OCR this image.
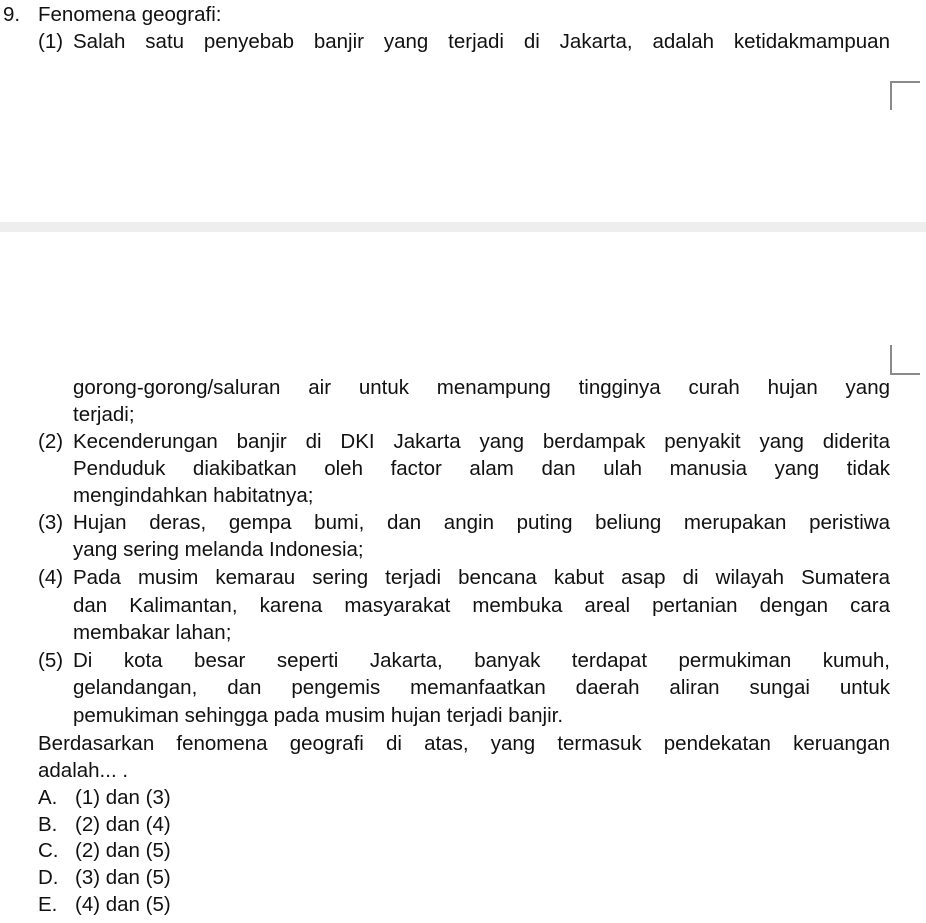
9. Fenomena geografi:
(1) Salah satu penyebab banjir yang terjadi di Jakarta, adalah ketidakmampuan
gorong-gorong/saluran air untuk menampung tingginya curah hujan yang
terjadi;
(2) Kecenderungan banjir di DKI Jakarta yang berdampak penyakit yang diderita
Penduduk diakibatkan oleh factor alam dan ulah manusia yang tidak
mengindahkan habitatnya;
(3) Hujan deras, gempa bumi, dan angin puting beliung merupakan peristiwa
yang sering melanda Indonesia;
(4) Pada musim kemarau sering terjadi bencana kabut asap di wilayah Sumatera
dan Kalimantan, karena masyarakat membuka areal pertanian dengan cara
membakar lahan;
(5) Di kota besar seperti Jakarta, banyak terdapat permukiman kumuh,
gelandangan, dan pengemis memanfaatkan daerah aliran sungai untuk
pemukiman sehingga pada musim hujan terjadi banjir.
Berdasarkan fenomena geografi di atas, yang termasuk pendekatan keruangan
adalah... .
A. (1) dan (3)
B. (2) dan (4)
C. (2) dan (5)
D. (3) dan (5)
E. (4) dan (5)
